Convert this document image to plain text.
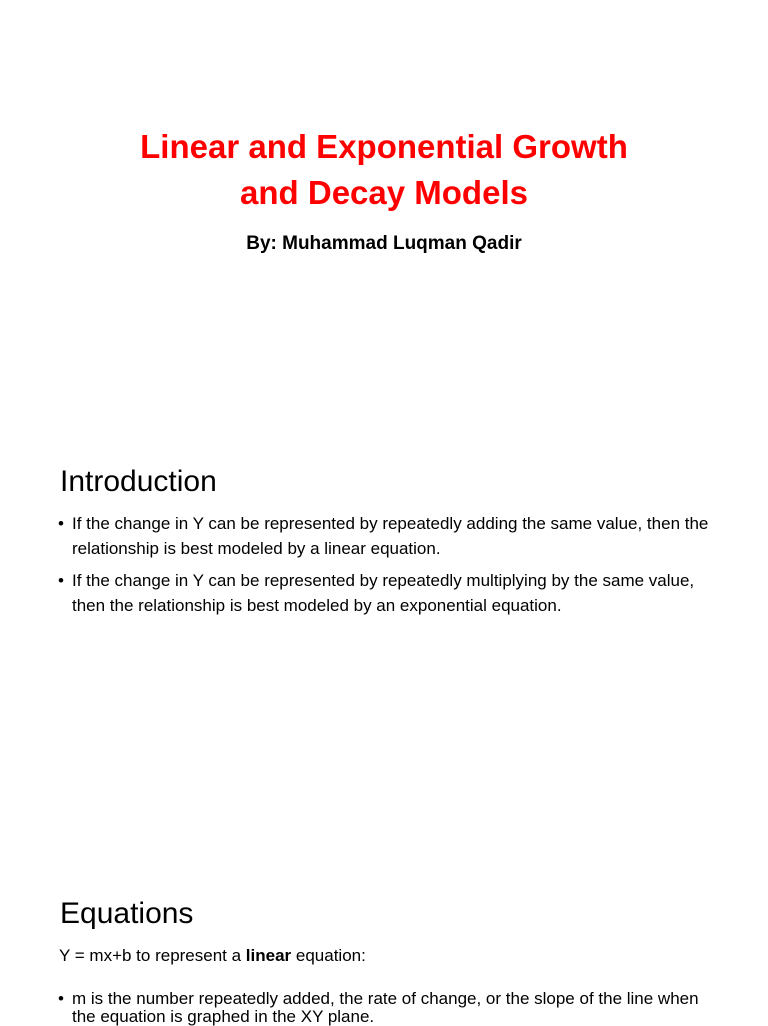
Linear and Exponential Growth
and Decay Models

By: Muhammad Luqman Qadir

Introduction
• If the change in Y can be represented by repeatedly adding the same value, then the relationship is best modeled by a linear equation.
• If the change in Y can be represented by repeatedly multiplying by the same value, then the relationship is best modeled by an exponential equation.
Equations

Y = mx+b to represent a linear equation:

• m is the number repeatedly added, the rate of change, or the slope of the line when the equation is graphed in the XY plane.
